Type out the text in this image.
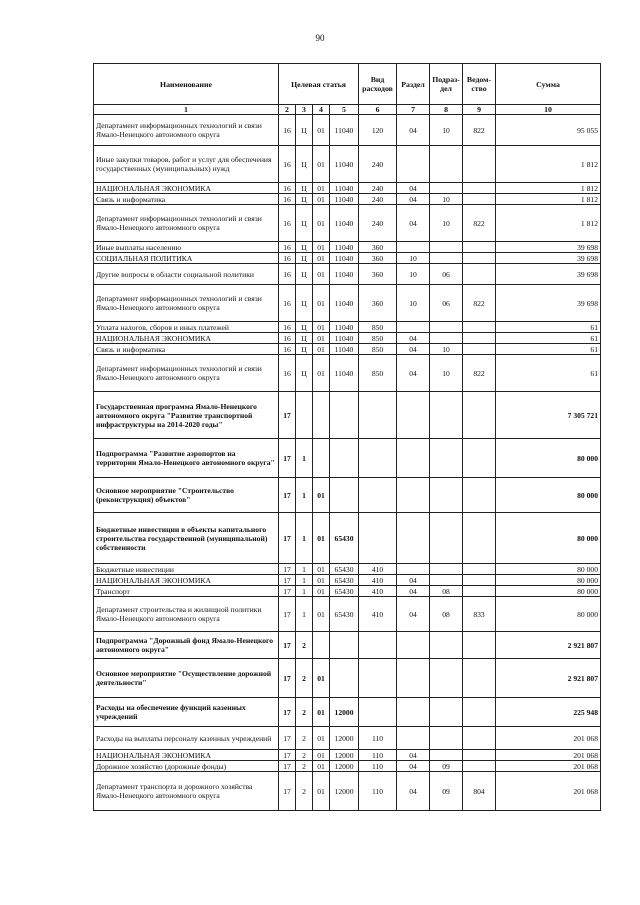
90
Наименование	Целевая статья				Вид расходов	Раздел	Подраз-дел	Ведом-ство	Сумма
1	2	3	4	5	6	7	8	9	10
Департамент информационных технологий и связи Ямало-Ненецкого автономного округа	16	Ц	01	11040	120	04	10	822	95 055
Иные закупки товаров, работ и услуг для обеспечения государственных (муниципальных) нужд	16	Ц	01	11040	240				1 812
НАЦИОНАЛЬНАЯ ЭКОНОМИКА	16	Ц	01	11040	240	04			1 812
Связь и информатика	16	Ц	01	11040	240	04	10		1 812
Департамент информационных технологий и связи Ямало-Ненецкого автономного округа	16	Ц	01	11040	240	04	10	822	1 812
Иные выплаты населению	16	Ц	01	11040	360				39 698
СОЦИАЛЬНАЯ ПОЛИТИКА	16	Ц	01	11040	360	10			39 698
Другие вопросы в области социальной политики	16	Ц	01	11040	360	10	06		39 698
Департамент информационных технологий и связи Ямало-Ненецкого автономного округа	16	Ц	01	11040	360	10	06	822	39 698
Уплата налогов, сборов и иных платежей	16	Ц	01	11040	850				61
НАЦИОНАЛЬНАЯ ЭКОНОМИКА	16	Ц	01	11040	850	04			61
Связь и информатика	16	Ц	01	11040	850	04	10		61
Департамент информационных технологий и связи Ямало-Ненецкого автономного округа	16	Ц	01	11040	850	04	10	822	61
Государственная программа Ямало-Ненецкого автономного округа "Развитие транспортной инфраструктуры на 2014-2020 годы"	17								7 305 721
Подпрограмма "Развитие аэропортов на территории Ямало-Ненецкого автономного округа"	17	1							80 000
Основное мероприятие "Строительство (реконструкция) объектов"	17	1	01						80 000
Бюджетные инвестиции в объекты капитального строительства государственной (муниципальной) собственности	17	1	01	65430					80 000
Бюджетные инвестиции	17	1	01	65430	410				80 000
НАЦИОНАЛЬНАЯ ЭКОНОМИКА	17	1	01	65430	410	04			80 000
Транспорт	17	1	01	65430	410	04	08		80 000
Департамент строительства и жилищной политики Ямало-Ненецкого автономного округа	17	1	01	65430	410	04	08	833	80 000
Подпрограмма "Дорожный фонд Ямало-Ненецкого автономного округа"	17	2							2 921 807
Основное мероприятие "Осуществление дорожной деятельности"	17	2	01						2 921 807
Расходы на обеспечение функций казенных учреждений	17	2	01	12000					225 948
Расходы на выплаты персоналу казенных учреждений	17	2	01	12000	110				201 068
НАЦИОНАЛЬНАЯ ЭКОНОМИКА	17	2	01	12000	110	04			201 068
Дорожное хозяйство (дорожные фонды)	17	2	01	12000	110	04	09		201 068
Департамент транспорта и дорожного хозяйства Ямало-Ненецкого автономного округа	17	2	01	12000	110	04	09	804	201 068
